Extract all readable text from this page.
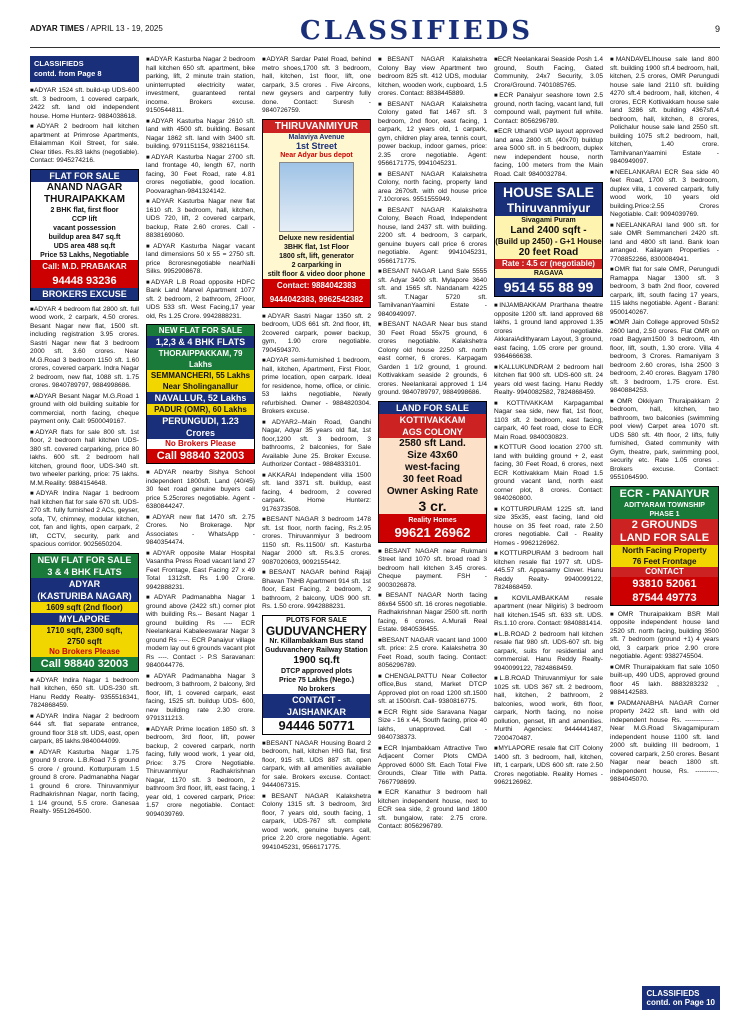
ADYAR TIMES / APRIL 13 - 19, 2025	CLASSIFIEDS	9
CLASSIFIEDS
contd. from Page 8

■ ADYAR 1524 sft. build-up UDS-600 sft. 3 bedroom, 1 covered carpark, 2422 sft. land old independent house. Home Hunterz- 9884038618.

■ ADYAR 2 bedroom hall kitchen apartment at Primrose Apartments, Ellaiamman Koil Street, for sale. Clear titles. Rs.83 lakhs (negotiable). Contact: 9945274216.

FLAT FOR SALE
ANAND NAGAR
THURAIPAKKAM
2 BHK flat, first floor
CCP lift
vacant possession
buildup area 847 sq.ft
UDS area 488 sq.ft
Price 53 Lakhs, Negotiable
Call: M.D. PRABAKAR
94448 93236
BROKERS EXCUSE

■ ADYAR 4 bedroom flat 2800 sft. full wood work, 2 carpark, 4.50 crores. Besant Nagar new flat, 1500 sft. including registration 3.95 crores. Sastri Nagar new flat 3 bedroom 2000 sft. 3.60 crores. Near M.G.Road 3 bedroom 1150 sft. 1.60 crores, covered carpark. Indra Nagar 2 bedroom, new flat, 1088 sft. 1.75 crores. 9840789797, 9884998686.

■ ADYAR Besant Nagar M.G.Road 1 ground with old building suitable for commercial, north facing, cheque payment only. Call: 9500049167.

■ ADYAR flats for sale 800 sft. 1st floor, 2 bedroom hall kitchen UDS-380 sft. covered carparking, price 80 lakhs. 600 sft. 2 bedroom hall kitchen, ground floor, UDS-340 sft. two wheeler parking, price: 75 lakhs. M.M.Reality: 9884154648.

■ ADYAR Indira Nagar 1 bedroom hall kitchen flat for sale 670 sft. UDS-270 sft. fully furnished 2 ACs, geyser, sofa, TV, chimney, modular kitchen, cot, fan and lights, open carpark, 2 lift, CCTV, security, park and spacious corridor. 9025650204.

NEW FLAT FOR SALE
3 & 4 BHK FLATS
ADYAR
(KASTURIBA NAGAR)
1609 sqft (2nd floor)
MYLAPORE
1710 sqft, 2300 sqft,
2750 sqft
No Brokers Please
Call 98840 32003

■ ADYAR Indira Nagar 1 bedroom hall kitchen, 650 sft. UDS-230 sft. Hanu Reddy Realty- 9355516341, 7824868459.

■ ADYAR Indira Nagar 2 bedroom 644 sft. flat separate entrance, ground floor 318 sft. UDS, east, open carpark, 85 lakhs.9840044099.

■ ADYAR Kasturba Nagar 1.75 ground 9 crore. L.B.Road 7.5 ground 5 crore / ground. Kotturpuram 1.5 ground 8 crore. Padmanabha Nagar 1 ground 6 crore. Thiruvanmiyur Radhakrishnan Nagar, north facing, 1 1/4 ground, 5.5 crore. Ganesaa Realty- 9551264500.

■ ADYAR Kasturba Nagar 2 bedroom hall kitchen 650 sft. apartment, bike parking, lift, 2 minute train station, uninterrupted electricity water, investment, guaranteed rental income. Brokers excuse. 9150544811.

■ ADYAR Kasturba Nagar 2610 sft. land with 4500 sft. building. Besant Nagar 1862 sft. land with 3400 sft. building. 9791151154, 9382161154.

■ ADYAR Kasturba Nagar 2700 sft. land frontage 40, length 67, north facing, 30 Feet Road, rate 4.81 crores negotiable, good location. Poovaraghan-9841324142.

■ ADYAR Kasturba Nagar new flat 1610 sft. 3 bedroom, hall, kitchen, UDS 720, lift, 2 covered carpark, backup, Rate 2.60 crores. Call - 8838169060.

■ ADYAR Kasturba Nagar vacant land dimensions 50 x 55 = 2750 sft. price 8croresnegotiable nearNalli Silks. 9952908678.

■ ADYAR L.B Road opposite HDFC Bank Land Marvel Apartment 1077 sft. 2 bedroom, 2 bathroom, 2Floor, UDS 533 sft. West Facing,17 year old, Rs 1.25 Crore. 9942888231.

NEW FLAT FOR SALE
1,2,3 & 4 BHK FLATS
THORAIPPAKKAM, 79 Lakhs
SEMMANCHERI, 55 Lakhs
Near Sholinganallur
NAVALLUR, 52 Lakhs
PADUR (OMR), 60 Lakhs
PERUNGUDI, 1.23 Crores
No Brokers Please
Call 98840 32003

■ ADYAR nearby Sishya School independent 1800sft. Land (40/45) 30 feet road genuine buyers call price 5.25crores negotiable. Agent - 6380844247.

■ ADYAR new flat 1470 sft. 2.75 Crores. No Brokerage. Npr Associates - WhatsApp - 9840354474.

■ ADYAR opposite Malar Hospital Vasantha Press Road vacant land 27 Feet Frontage, East Facing 27 x 49 Total 1312sft. Rs 1.90 Crore. 9942888231.

■ ADYAR Padmanabha Nagar 1 ground above (2422 sft.) corner plot with building Rs.-- Besant Nagar 1 ground building Rs ---- ECR Neelankarai Kabaleeswarar Nagar 3 ground Rs ----. ECR Panaiyur village modern lay out 6 grounds vacant plot Rs ----. Contact :- P.S Saravanan: 9840044776.

■ ADYAR Padmanabha Nagar 3 bedroom, 3 bathroom, 2 balcony, 3rd floor, lift, 1 covered carpark, east facing, 1525 sft. buildup UDS- 600, new building rate 2.30 crore. 9791311213.

■ ADYAR Prime location 1850 sft. 3 bedroom, 3rd floor, lift, power backup, 2 covered carpark, north facing, fully wood work, 1 year old, Price: 3.75 Crore Negotiable. Thiruvanmiyur Radhakrishnan Nagar, 1170 sft. 3 bedroom, 2 bathroom 3rd floor, lift, east facing, 1 year old, 1 covered carpark, Price: 1.57 crore negotiable. Contact: 9094039769.

■ ADYAR Sardar Patel Road, behind metro shoes,1700 sft. 3 bedroom, hall, kitchen, 1st floor, lift, one carpark, 3.5 crores . Five Aircons, new geysers and carpentry fully done. Contact: Suresh - 9840726759.

THIRUVANMIYUR
Malaviya Avenue
1st Street
Near Adyar bus depot
Deluxe new residential
3BHK flat, 1st Floor
1800 sft, lift, generator
2 carparking in
stilt floor & video door phone
Contact: 9884042383
9444042383, 9962542382

■ ADYAR Sastri Nagar 1350 sft. 2 bedroom, UDS 661 sft. 2nd floor, lift, 2covered carpark, power backup, gym, 1.90 crore negotiable. 7904594370.

■ ADYAR semi-furnished 1 bedroom, hall, kitchen, Apartment, First Floor, prime location, open carpark. Ideal for residence, home, office, or clinic. 53 lakhs negotiable, Newly refurbished. Owner - 9884820304. Brokers excuse.

■ ADYAR2--Main Road, Gandhi Nagar, Adyar 35 years old flat, 1st floor,1200 sft. 3 bedroom, 3 bathrooms, 2 balconies, for Sale Available June 25. Broker Excuse. Authorizer Contact - 9884833101.

■ AKKARAI Independent villa 1500 sft. land 3371 sft. buildup, east facing, 4 bedroom, 2 covered carpark. Home Hunterz: 9176373508.

■ BESANT NAGAR 3 bedroom 1478 sft. 1st floor, north facing, Rs.2.95 crores. Thiruvanmiyur 3 bedroom 1150 sft. Rs.11500/ sft. Kasturba Nagar 2000 sft. Rs.3.5 crores. 9087020603, 9092155442.

■ BESANT NAGAR behind Rajaji Bhavan TNHB Apartment 914 sft. 1st floor, East Facing, 2 bedroom, 2 bathroom, 2 balcony, UDS 900 sft. Rs. 1.50 crore. 9942888231.

PLOTS FOR SALE
GUDUVANCHERY
Nr. Killambakkam Bus stand
Guduvanchery Railway Station
1900 sq.ft
DTCP approved plots
Price 75 Lakhs (Nego.)
No brokers
CONTACT - JAISHANKAR
94446 50771

■ BESANT NAGAR Housing Board 2 bedroom, hall, kitchen HIG flat, first floor, 915 sft. UDS 887 sft. open carpark, with all amenities available for sale. Brokers excuse. Contact: 9444067315.

■ BESANT NAGAR Kalakshetra Colony 1315 sft. 3 bedroom, 3rd floor, 7 years old, south facing, 1 carpark, UDS-767 sft. complete wood work, genuine buyers call, price 2.20 crore negotiable. Agent: 9941045231, 9566171775.

■ BESANT NAGAR Kalakshetra Colony Bay view Apartment two bedroom 825 sft. 412 UDS, modular kitchen, wooden work, cupboard, 1.5 crores. Contact: 8838445889.

■ BESANT NAGAR Kalakshetra Colony gated flat 1467 sft. 3 bedroom, 2nd floor, east facing, 1 carpark, 12 years old, 1 carpark, gym, children play area, tennis court, power backup, indoor games, price: 2.35 crore negotiable. Agent: 9566171775, 9941045231.

■ BESANT NAGAR Kalakshetra Colony, north facing, property land area 2670sft. with old house price 7.10crores. 9551555949.

■ BESANT NAGAR Kalakshetra Colony, Beach Road, Independent house, land 2437 sft. with building. 2200 sft. 4 bedroom, 3 carpark, genuine buyers call price 6 crores negotiable. Agent: 9941045231, 9566171775.

■ BESANT NAGAR Land Sale 5555 sft. Adyar 3400 sft. Mylapore 3640 sft. and 1565 sft. Nandanam 4225 sft. T.Nagar 5720 sft. TamilvananYaamini Estate - 9840949097.

■ BESANT NAGAR Near bus stand 30 Feet Road 55x75 ground, 6 crores negotiable. Kalakshetra Colony old house 2250 sft. north east corner, 6 crores. Karpagam Garden 1 1/2 ground, 1 ground. Kottivakkam seaside 2 grounds, 6 crores. Neelankarai approved 1 1/4 ground. 9840789797, 9884998686.

LAND FOR SALE
KOTTIVAKKAM
AGS COLONY
2580 sft Land.
Size 43x60
west-facing
30 feet Road
Owner Asking Rate
3 cr.
Reality Homes
99621 26962

■ BESANT NAGAR near Rukmani Street land 1070 sft. broad road 3 bedroom hall kitchen 3.45 crores. Cheque payment. FSH - 9003026878.

■ BESANT NAGAR North facing 86x64 5500 sft. 16 crores negotiable. Radhakrishnan Nagar 2500 sft. north facing, 6 crores. A.Murali Real Estate. 9840536455.

■ BESANT NAGAR vacant land 1000 sft. price: 2.5 crore. Kalakshetra 30 Feet Road, south facing. Contact: 8056296789.

■ CHENGALPATTU Near Collector office,Bus stand, Market DTCP Approved plot on road 1200 sft.1500 sft. at 1500/sft. Call- 9380816775.

■ ECR Right side Saravana Nagar Size - 16 x 44, South facing, price 40 lakhs, unapproved. Call - 9840738373.

■ ECR Injambakkam Attractive Two Adjacent Corner Plots CMDA Approved 6000 Sft. Each Total Five Grounds, Clear Title with Patta. 7667798699.

■ ECR Kanathur 3 bedroom hall kitchen independent house, next to ECR sea side, 2 ground land 1800 sft. bungalow, rate: 2.75 crore. Contact: 8056296789.

■ ECR Neelankarai Seaside Posh 1.4 ground, South Facing, Gated Community, 24x7 Security, 3.05 Crore/Ground. 7401085765.

■ ECR Panaiyur seashore town 2.5 ground, north facing, vacant land, full compound wall, payment full white. Contact: 8056296789.

■ ECR Uthandi VGP layout approved land area 2800 sft. (40x70) buildup area 5000 sft. in 5 bedroom, duplex new independent house, north facing, 100 meters from the Main Road. Call: 9840032784.

HOUSE SALE
Thiruvanmiyur
Sivagami Puram
Land 2400 sqft -
(Build up 2450) - G+1 House
20 feet Road
Rate : 4.5 cr (negotiable)
RAGAVA
9514 55 88 99

■ INJAMBAKKAM Prarthana theatre opposite 1200 sft. land approved 68 lakhs, 1 ground land approved 1.35 crores negotiable. AkkaraiAdithyaram Layout, 3 ground, east facing, 1.05 crore per ground. 9364666638.

■ KALLUKUNDRAM 2 bedroom hall kitchen flat 900 sft. UDS-600 sft. 24 years old west facing. Hanu Reddy Realty- 9940082582, 7824868459.

■ KOTTIVAKKAM Karpagambal Nagar sea side, new flat, 1st floor, 1103 sft. 2 bedroom, east facing, carpark, 40 feet road, close to ECR Main Road. 9840030823.

■ KOTTUR Good location 2700 sft. land with building ground + 2, east facing, 30 Feet Road, 6 crores, next ECR Kottivakkam Main Road 1.5 ground vacant land, north east corner plot, 8 crores. Contact: 9840260800.

■ KOTTURPURAM 1225 sft. land size 35x35, east facing, land old house on 35 feet road, rate 2.50 crores negotiable. Call - Reality Homes - 9962126962.

■ KOTTURPURAM 3 bedroom hall kitchen resale flat 1977 sft. UDS-445.57 sft. Appasamy Clover. Hanu Reddy Realty- 9940099122, 7824868459.

■ KOVILAMBAKKAM resale apartment (near Nilgiris) 3 bedroom hall kitchen.1545 sft. 633 sft. UDS. Rs.1.10 crore. Contact: 9840881414.

■ L.B.ROAD 2 bedroom hall kitchen resale flat 980 sft. UDS-607 sft. big carpark, suits for residential and commercial. Hanu Reddy Realty-9940099122, 7824868459.

■ L.B.ROAD Thiruvanmiyur for sale 1025 sft. UDS 367 sft. 2 bedroom, hall, kitchen, 2 bathroom, 2 balconies, wood work, 6th floor, carpark, North facing, no noise pollution, genset, lift and amenities. Murthi Agencies: 9444441487, 7200470487.

■ MYLAPORE resale flat CIT Colony 1400 sft. 3 bedroom, hall, kitchen, lift, 1 carpark, UDS 600 sft. rate 2.50 Crores negotiable. Reality Homes - 9962126962.

■ MANDAVELIhouse sale land 800 sft. building 1900 sft.4 bedroom, hall, kitchen, 2.5 crores, OMR Perungudi house sale land 2110 sft. building 4270 sft.4 bedroom, hall, kitchen, 4 crores, ECR Kottivakkam house sale land 3286 sft. building 4367sft.4 bedroom, hall, kitchen, 8 crores, Polichalur house sale land 2550 sft. building 1075 sft.2 bedroom, hall, kitchen, 1.40 crore. TamilvananYaamini Estate - 9840949097.

■ NEELANKARAI ECR Sea side 40 feet Road, 1700 sft. 3 bedroom, duplex villa, 1 covered carpark, fully wood work, 10 years old building.Price:2.55 Crores Negotiable. Call: 9094039769.

■ NEELANKARAI land 900 sft. for sale OMR Semmancheri 2420 sft. land and 4800 sft land. Bank loan arranged. Kailayam Properties - 7708852266, 8300084941.

■ OMR flat for sale OMR, Perungudi Ramappa Nagar 1300 sft. 3 bedroom, 3 bath 2nd floor, covered carpark, lift, south facing 17 years, 115 lakhs negotiable. Agent - Barani: 9500140267.

■ OMR Jain College approved 50x52 2600 land, 2.50 crores. Flat OMR on road Bagyam1500 3 bedroom, 4th floor, lift, south, 1.30 crore. Villa 4 bedroom, 3 Crores. Ramaniyam 3 bedroom 2.60 crores, Isha 2500 3 bedroom, 2.40 crores. Bagyam 1780 sft. 3 bedroom, 1.75 crore. Est. 9840884253.

■ OMR Okkiyam Thuraipakkam 2 bedroom, hall, kitchen, two bathroom, two balconies (swimming pool view) Carpet area 1070 sft. UDS 580 sft. 4th floor, 2 lifts, fully furnished, Gated community with Gym, theatre, park, swimming pool, security etc. Rate 1.05 crores . Brokers excuse. Contact: 9551064590.

ECR - PANAIYUR
ADITYARAM TOWNSHIP
PHASE 1
2 GROUNDS
LAND FOR SALE
North Facing Property
76 Feet Frontage
CONTACT
93810 52061
87544 49773

■ OMR Thuraipakkam BSR Mall opposite independent house land 2520 sft. north facing, building 3500 sft. 7 bedroom (ground +1) 4 years old, 3 carpark price 2.90 crore negotiable. Agent: 9382745504.

■ OMR Thuraipakkam flat sale 1050 built-up, 490 UDS, approved ground floor 45 lakh. 8883283232 , 9884142583.

■ PADMANABHA NAGAR Corner property 2422 sft. land with old independent house Rs. ------------- . Near M.G.Road Sivagamipuram independent house 1100 sft. land 2000 sft. building III bedroom, 1 covered carpark, 2.50 crores. Besant Nagar near beach 1800 sft. independent house, Rs. ----------. 9884045070.

CLASSIFIEDS
contd. on Page 10
